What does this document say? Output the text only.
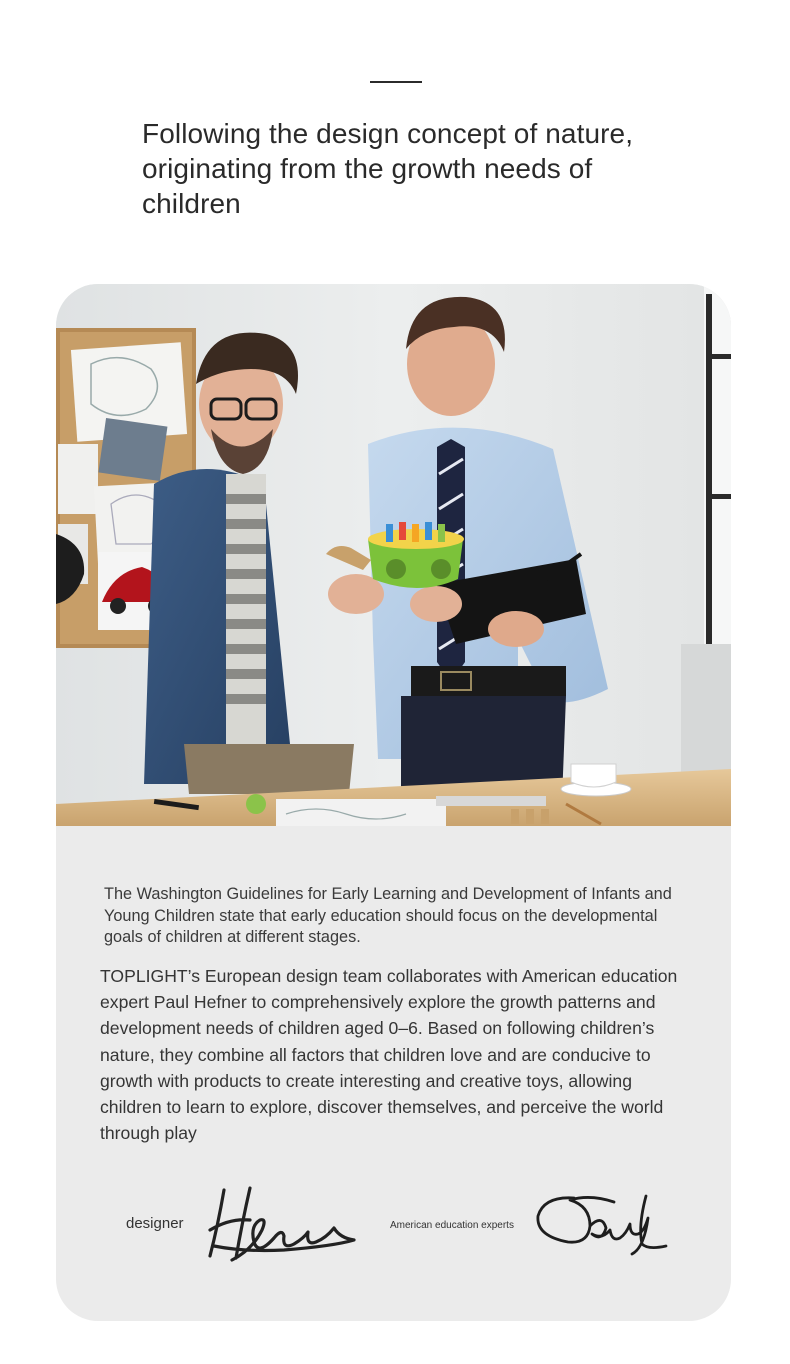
Following the design concept of nature, originating from the growth needs of children
The Washington Guidelines for Early Learning and Development of Infants and Young Children state that early education should focus on the developmental goals of children at different stages.
TOPLIGHT’s European design team collaborates with American education expert Paul Hefner to comprehensively explore the growth patterns and development needs of children aged 0–6. Based on following children’s nature, they combine all factors that children love and are conducive to growth with products to create interesting and creative toys, allowing children to learn to explore, discover themselves, and perceive the world through play
designer	American education experts
